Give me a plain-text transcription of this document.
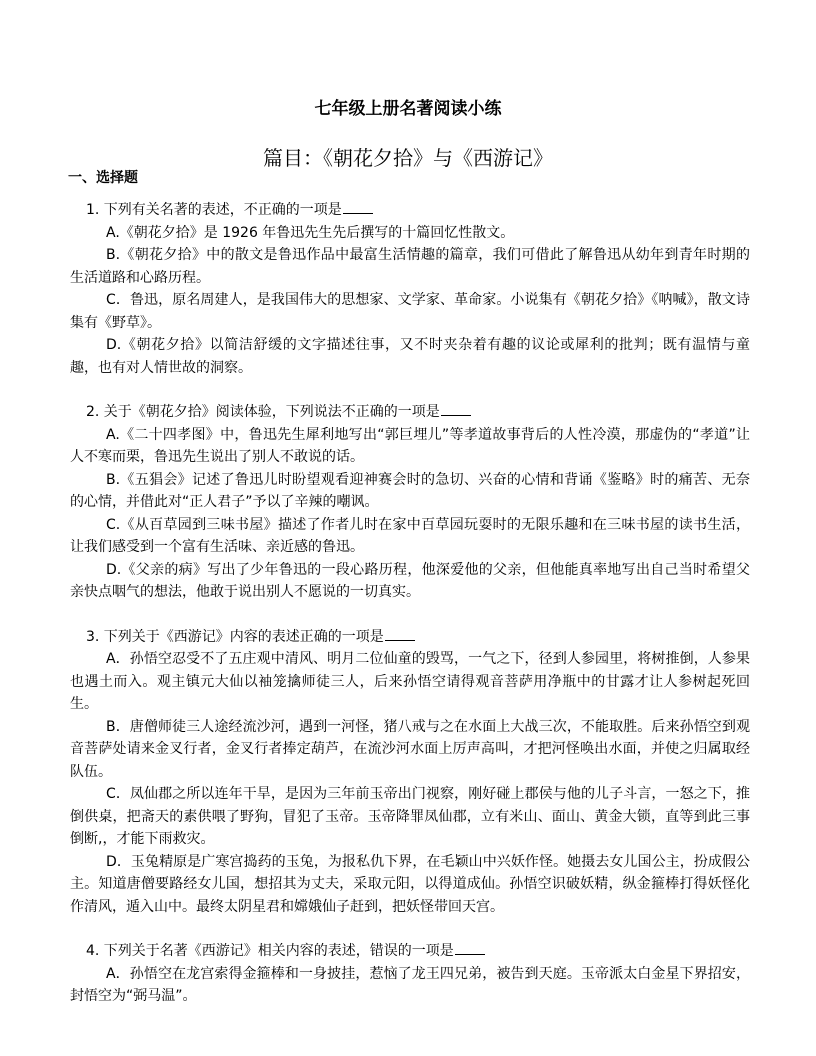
七年级上册名著阅读小练
篇目：《朝花夕拾》与《西游记》
一、选择题
1. 下列有关名著的表述，不正确的一项是
A.《朝花夕拾》是 1926 年鲁迅先生先后撰写的十篇回忆性散文。
B.《朝花夕拾》中的散文是鲁迅作品中最富生活情趣的篇章，我们可借此了解鲁迅从幼年到青年时期的生活道路和心路历程。
C．鲁迅，原名周建人，是我国伟大的思想家、文学家、革命家。小说集有《朝花夕拾》《呐喊》，散文诗集有《野草》。
D.《朝花夕拾》以简洁舒缓的文字描述往事，又不时夹杂着有趣的议论或犀利的批判；既有温情与童趣，也有对人情世故的洞察。
2. 关于《朝花夕拾》阅读体验，下列说法不正确的一项是
A.《二十四孝图》中，鲁迅先生犀利地写出“郭巨埋儿”等孝道故事背后的人性冷漠，那虚伪的“孝道”让人不寒而栗，鲁迅先生说出了别人不敢说的话。
B.《五猖会》记述了鲁迅儿时盼望观看迎神赛会时的急切、兴奋的心情和背诵《鉴略》时的痛苦、无奈的心情，并借此对“正人君子”予以了辛辣的嘲讽。
C.《从百草园到三味书屋》描述了作者儿时在家中百草园玩耍时的无限乐趣和在三味书屋的读书生活，让我们感受到一个富有生活味、亲近感的鲁迅。
D.《父亲的病》写出了少年鲁迅的一段心路历程，他深爱他的父亲，但他能真率地写出自己当时希望父亲快点咽气的想法，他敢于说出别人不愿说的一切真实。
3. 下列关于《西游记》内容的表述正确的一项是
A．孙悟空忍受不了五庄观中清风、明月二位仙童的毁骂，一气之下，径到人参园里，将树推倒，人参果也遇土而入。观主镇元大仙以袖笼擒师徒三人，后来孙悟空请得观音菩萨用净瓶中的甘露才让人参树起死回生。
B．唐僧师徒三人途经流沙河，遇到一河怪，猪八戒与之在水面上大战三次，不能取胜。后来孙悟空到观音菩萨处请来金叉行者，金叉行者捧定葫芦，在流沙河水面上厉声高叫，才把河怪唤出水面，并使之归属取经队伍。
C．凤仙郡之所以连年干旱，是因为三年前玉帝出门视察，刚好碰上郡侯与他的儿子斗言，一怒之下，推倒供桌，把斋天的素供喂了野狗，冒犯了玉帝。玉帝降罪凤仙郡，立有米山、面山、黄金大锁，直等到此三事倒断,，才能下雨救灾。
D．玉兔精原是广寒宫捣药的玉兔，为报私仇下界，在毛颖山中兴妖作怪。她摄去女儿国公主，扮成假公主。知道唐僧要路经女儿国，想招其为丈夫，采取元阳，以得道成仙。孙悟空识破妖精，纵金箍棒打得妖怪化作清风，遁入山中。最终太阴星君和嫦娥仙子赶到，把妖怪带回天宫。
4. 下列关于名著《西游记》相关内容的表述，错误的一项是
A．孙悟空在龙宫索得金箍棒和一身披挂，惹恼了龙王四兄弟，被告到天庭。玉帝派太白金星下界招安，封悟空为“弼马温”。
